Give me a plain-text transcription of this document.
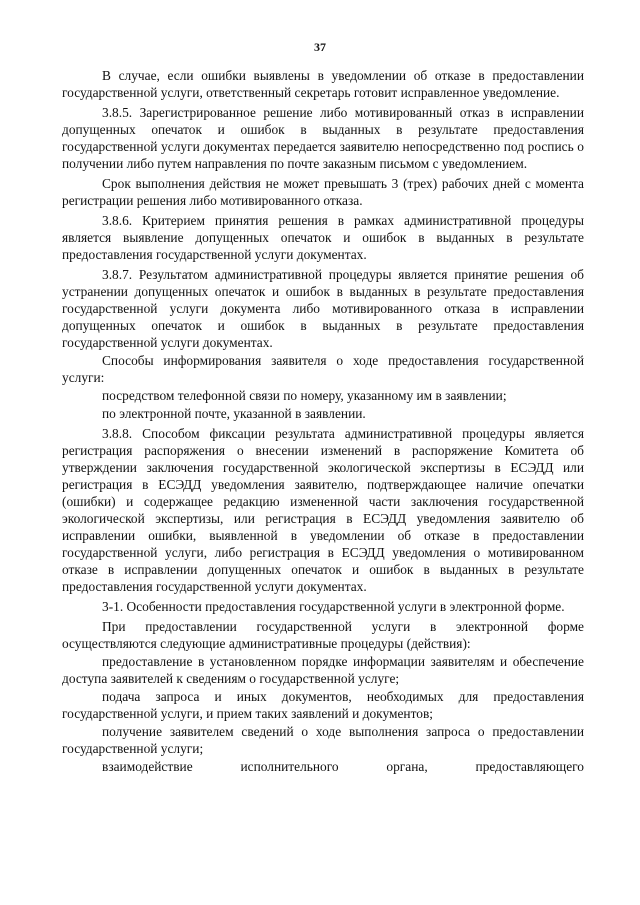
37

В случае, если ошибки выявлены в уведомлении об отказе в предоставлении государственной услуги, ответственный секретарь готовит исправленное уведомление.

3.8.5. Зарегистрированное решение либо мотивированный отказ в исправлении допущенных опечаток и ошибок в выданных в результате предоставления государственной услуги документах передается заявителю непосредственно под роспись о получении либо путем направления по почте заказным письмом с уведомлением.

Срок выполнения действия не может превышать 3 (трех) рабочих дней с момента регистрации решения либо мотивированного отказа.

3.8.6. Критерием принятия решения в рамках административной процедуры является выявление допущенных опечаток и ошибок в выданных в результате предоставления государственной услуги документах.

3.8.7. Результатом административной процедуры является принятие решения об устранении допущенных опечаток и ошибок в выданных в результате предоставления государственной услуги документа либо мотивированного отказа в исправлении допущенных опечаток и ошибок в выданных в результате предоставления государственной услуги документах.

Способы информирования заявителя о ходе предоставления государственной услуги:

посредством телефонной связи по номеру, указанному им в заявлении;

по электронной почте, указанной в заявлении.

3.8.8. Способом фиксации результата административной процедуры является регистрация распоряжения о внесении изменений в распоряжение Комитета об утверждении заключения государственной экологической экспертизы в ЕСЭДД или регистрация в ЕСЭДД уведомления заявителю, подтверждающее наличие опечатки (ошибки) и содержащее редакцию измененной части заключения государственной экологической экспертизы, или регистрация в ЕСЭДД уведомления заявителю об исправлении ошибки, выявленной в уведомлении об отказе в предоставлении государственной услуги, либо регистрация в ЕСЭДД уведомления о мотивированном отказе в исправлении допущенных опечаток и ошибок в выданных в результате предоставления государственной услуги документах.

3-1. Особенности предоставления государственной услуги в электронной форме.

При предоставлении государственной услуги в электронной форме осуществляются следующие административные процедуры (действия):

предоставление в установленном порядке информации заявителям и обеспечение доступа заявителей к сведениям о государственной услуге;

подача запроса и иных документов, необходимых для предоставления государственной услуги, и прием таких заявлений и документов;

получение заявителем сведений о ходе выполнения запроса о предоставлении государственной услуги;

взаимодействие исполнительного органа, предоставляющего
